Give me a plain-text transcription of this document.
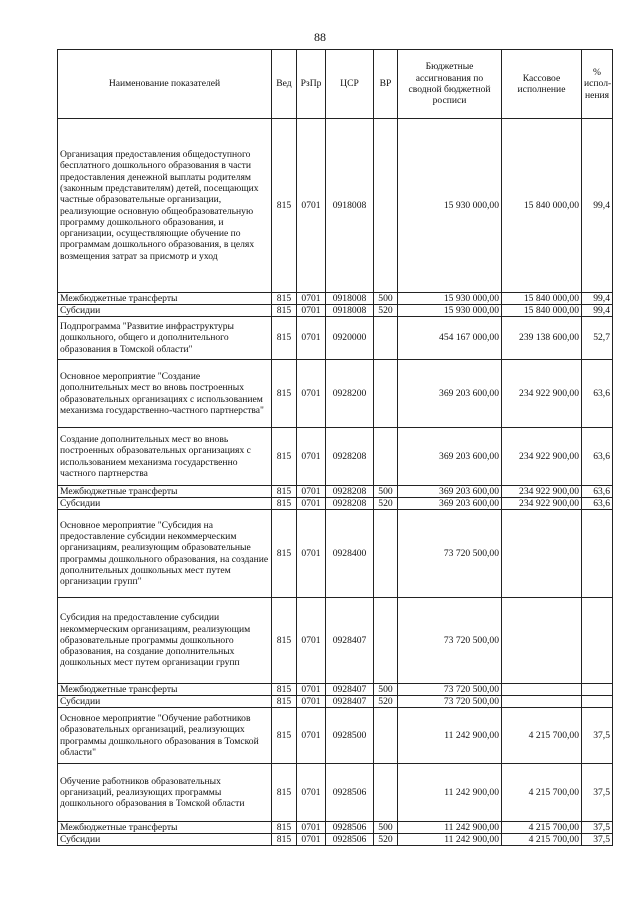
88
Наименование показателей	Вед	РзПр	ЦСР	ВР	Бюджетные ассигнования по сводной бюджетной росписи	Кассовое исполнение	% испол-нения
Организация предоставления общедоступного бесплатного дошкольного образования в части предоставления денежной выплаты родителям (законным представителям) детей, посещающих частные образовательные организации, реализующие основную общеобразовательную программу дошкольного образования, и организации, осуществляющие обучение по программам дошкольного образования, в целях возмещения затрат за присмотр и уход	815	0701	0918008		15 930 000,00	15 840 000,00	99,4
Межбюджетные трансферты	815	0701	0918008	500	15 930 000,00	15 840 000,00	99,4
Субсидии	815	0701	0918008	520	15 930 000,00	15 840 000,00	99,4
Подпрограмма "Развитие инфраструктуры дошкольного, общего и дополнительного образования в Томской области"	815	0701	0920000		454 167 000,00	239 138 600,00	52,7
Основное мероприятие "Создание дополнительных мест во вновь построенных образовательных организациях с использованием механизма государственно-частного партнерства"	815	0701	0928200		369 203 600,00	234 922 900,00	63,6
Создание дополнительных мест во вновь построенных образовательных организациях с использованием механизма государственно частного партнерства	815	0701	0928208		369 203 600,00	234 922 900,00	63,6
Межбюджетные трансферты	815	0701	0928208	500	369 203 600,00	234 922 900,00	63,6
Субсидии	815	0701	0928208	520	369 203 600,00	234 922 900,00	63,6
Основное мероприятие "Субсидия на предоставление субсидии некоммерческим организациям, реализующим образовательные программы дошкольного образования, на создание дополнительных дошкольных мест путем организации групп"	815	0701	0928400		73 720 500,00		
Субсидия на предоставление субсидии некоммерческим организациям, реализующим образовательные программы дошкольного образования, на создание дополнительных дошкольных мест путем организации групп	815	0701	0928407		73 720 500,00		
Межбюджетные трансферты	815	0701	0928407	500	73 720 500,00		
Субсидии	815	0701	0928407	520	73 720 500,00		
Основное мероприятие "Обучение работников образовательных организаций, реализующих программы дошкольного образования в Томской области"	815	0701	0928500		11 242 900,00	4 215 700,00	37,5
Обучение работников образовательных организаций, реализующих программы дошкольного образования в Томской области	815	0701	0928506		11 242 900,00	4 215 700,00	37,5
Межбюджетные трансферты	815	0701	0928506	500	11 242 900,00	4 215 700,00	37,5
Субсидии	815	0701	0928506	520	11 242 900,00	4 215 700,00	37,5
